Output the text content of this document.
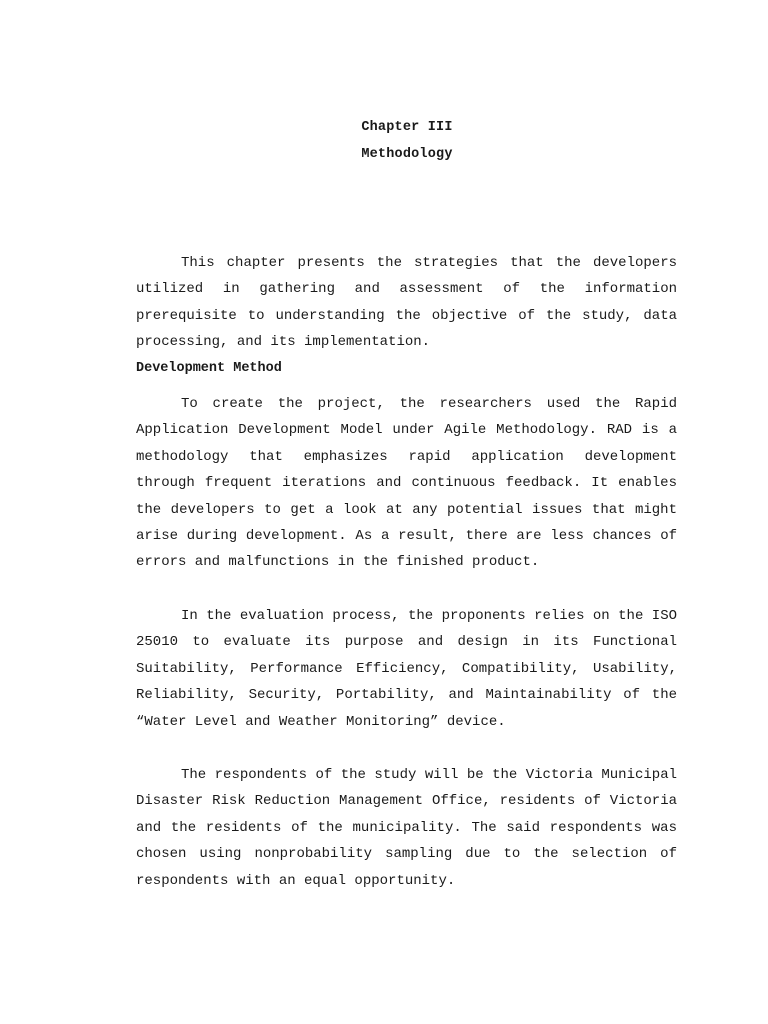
Chapter III
Methodology

This chapter presents the strategies that the developers utilized in gathering and assessment of the information prerequisite to understanding the objective of the study, data processing, and its implementation.

Development Method

To create the project, the researchers used the Rapid Application Development Model under Agile Methodology. RAD is a methodology that emphasizes rapid application development through frequent iterations and continuous feedback. It enables the developers to get a look at any potential issues that might arise during development. As a result, there are less chances of errors and malfunctions in the finished product.

In the evaluation process, the proponents relies on the ISO 25010 to evaluate its purpose and design in its Functional Suitability, Performance Efficiency, Compatibility, Usability, Reliability, Security, Portability, and Maintainability of the “Water Level and Weather Monitoring” device.

The respondents of the study will be the Victoria Municipal Disaster Risk Reduction Management Office, residents of Victoria and the residents of the municipality. The said respondents was chosen using nonprobability sampling due to the selection of respondents with an equal opportunity.
